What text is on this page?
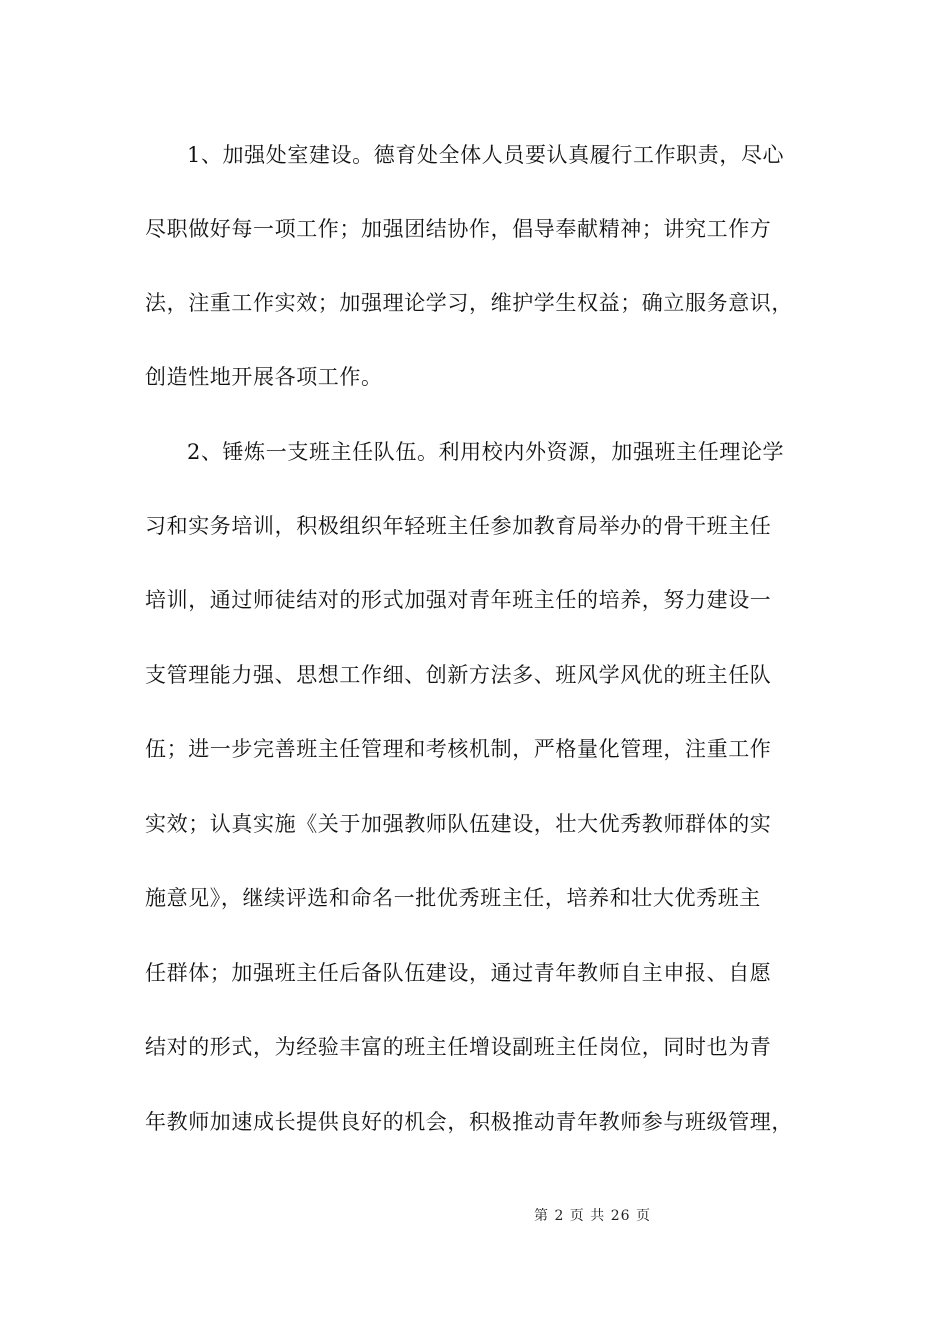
1、加强处室建设。德育处全体人员要认真履行工作职责，尽心
尽职做好每一项工作；加强团结协作，倡导奉献精神；讲究工作方
法，注重工作实效；加强理论学习，维护学生权益；确立服务意识，
创造性地开展各项工作。
2、锤炼一支班主任队伍。利用校内外资源，加强班主任理论学
习和实务培训，积极组织年轻班主任参加教育局举办的骨干班主任
培训，通过师徒结对的形式加强对青年班主任的培养，努力建设一
支管理能力强、思想工作细、创新方法多、班风学风优的班主任队
伍；进一步完善班主任管理和考核机制，严格量化管理，注重工作
实效；认真实施《关于加强教师队伍建设，壮大优秀教师群体的实
施意见》，继续评选和命名一批优秀班主任，培养和壮大优秀班主
任群体；加强班主任后备队伍建设，通过青年教师自主申报、自愿
结对的形式，为经验丰富的班主任增设副班主任岗位，同时也为青
年教师加速成长提供良好的机会，积极推动青年教师参与班级管理，
第 2 页 共 26 页
